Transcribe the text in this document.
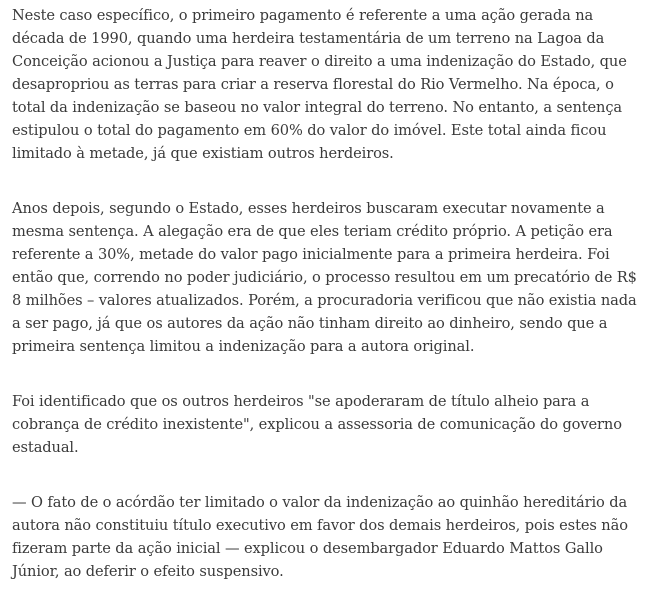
Neste caso específico, o primeiro pagamento é referente a uma ação gerada na década de 1990, quando uma herdeira testamentária de um terreno na Lagoa da Conceição acionou a Justiça para reaver o direito a uma indenização do Estado, que desapropriou as terras para criar a reserva florestal do Rio Vermelho. Na época, o total da indenização se baseou no valor integral do terreno. No entanto, a sentença estipulou o total do pagamento em 60% do valor do imóvel. Este total ainda ficou limitado à metade, já que existiam outros herdeiros.

Anos depois, segundo o Estado, esses herdeiros buscaram executar novamente a mesma sentença. A alegação era de que eles teriam crédito próprio. A petição era referente a 30%, metade do valor pago inicialmente para a primeira herdeira. Foi então que, correndo no poder judiciário, o processo resultou em um precatório de R$ 8 milhões – valores atualizados. Porém, a procuradoria verificou que não existia nada a ser pago, já que os autores da ação não tinham direito ao dinheiro, sendo que a primeira sentença limitou a indenização para a autora original.

Foi identificado que os outros herdeiros "se apoderaram de título alheio para a cobrança de crédito inexistente", explicou a assessoria de comunicação do governo estadual.

— O fato de o acórdão ter limitado o valor da indenização ao quinhão hereditário da autora não constituiu título executivo em favor dos demais herdeiros, pois estes não fizeram parte da ação inicial — explicou o desembargador Eduardo Mattos Gallo Júnior, ao deferir o efeito suspensivo.
